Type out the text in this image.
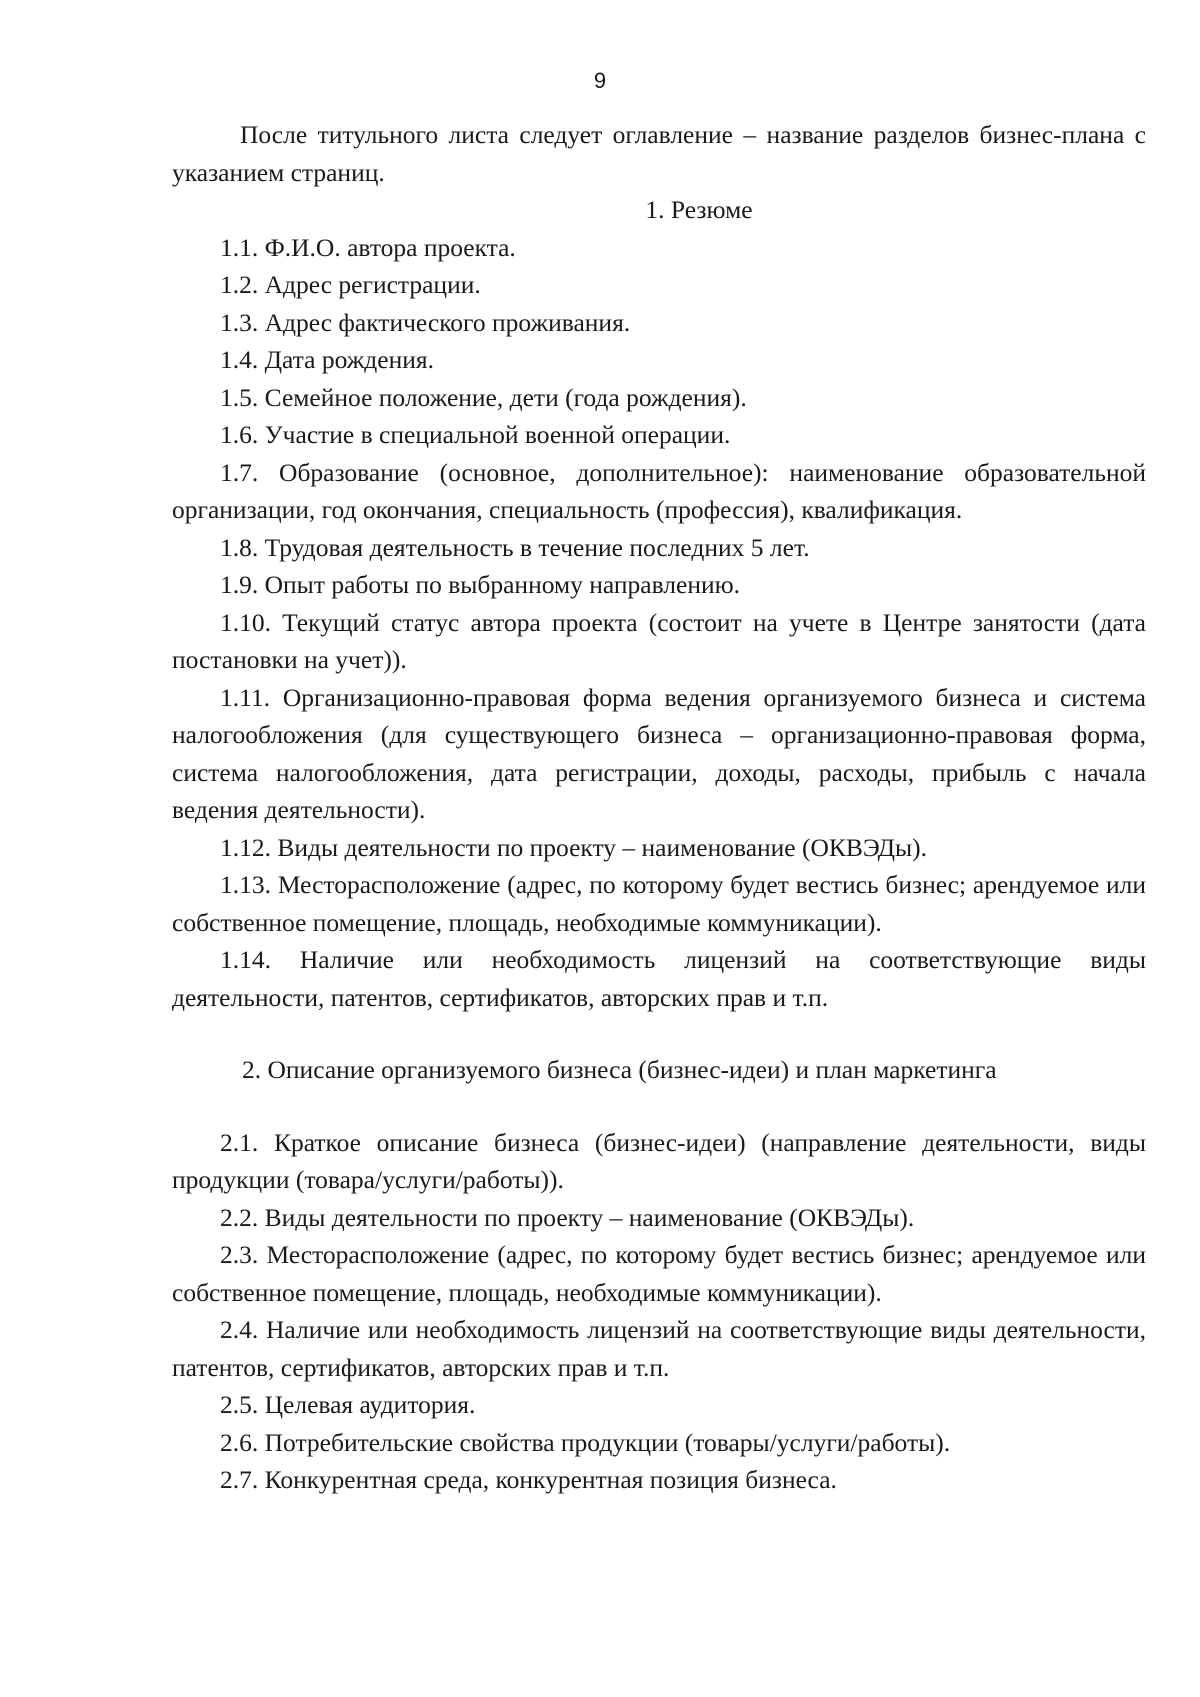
9

После титульного листа следует оглавление – название разделов бизнес-плана с указанием страниц.

1. Резюме

1.1. Ф.И.О. автора проекта.

1.2. Адрес регистрации.

1.3. Адрес фактического проживания.

1.4. Дата рождения.

1.5. Семейное положение, дети (года рождения).

1.6. Участие в специальной военной операции.

1.7. Образование (основное, дополнительное): наименование образовательной организации, год окончания, специальность (профессия), квалификация.

1.8. Трудовая деятельность в течение последних 5 лет.

1.9. Опыт работы по выбранному направлению.

1.10. Текущий статус автора проекта (состоит на учете в Центре занятости (дата постановки на учет)).

1.11. Организационно-правовая форма ведения организуемого бизнеса и система налогообложения (для существующего бизнеса – организационно-правовая форма, система налогообложения, дата регистрации, доходы, расходы, прибыль с начала ведения деятельности).

1.12. Виды деятельности по проекту – наименование (ОКВЭДы).

1.13. Месторасположение (адрес, по которому будет вестись бизнес; арендуемое или собственное помещение, площадь, необходимые коммуникации).

1.14. Наличие или необходимость лицензий на соответствующие виды деятельности, патентов, сертификатов, авторских прав и т.п.

2. Описание организуемого бизнеса (бизнес-идеи) и план маркетинга

2.1. Краткое описание бизнеса (бизнес-идеи) (направление деятельности, виды продукции (товара/услуги/работы)).

2.2. Виды деятельности по проекту – наименование (ОКВЭДы).

2.3. Месторасположение (адрес, по которому будет вестись бизнес; арендуемое или собственное помещение, площадь, необходимые коммуникации).

2.4. Наличие или необходимость лицензий на соответствующие виды деятельности, патентов, сертификатов, авторских прав и т.п.

2.5. Целевая аудитория.

2.6. Потребительские свойства продукции (товары/услуги/работы).

2.7. Конкурентная среда, конкурентная позиция бизнеса.
